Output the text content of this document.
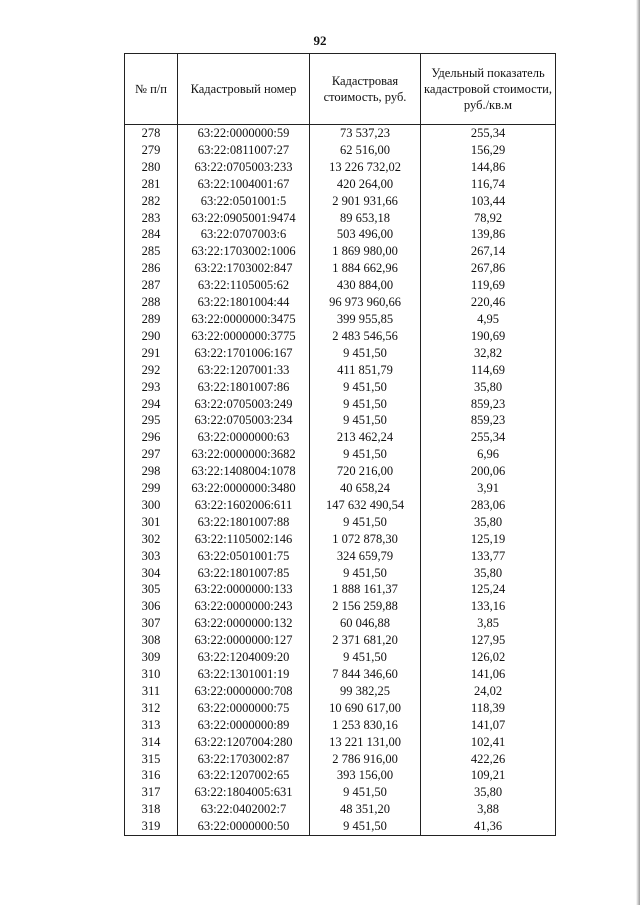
92
№ п/п	Кадастровый номер	Кадастровая стоимость, руб.	Удельный показатель кадастровой стоимости, руб./кв.м
278	63:22:0000000:59	73 537,23	255,34
279	63:22:0811007:27	62 516,00	156,29
280	63:22:0705003:233	13 226 732,02	144,86
281	63:22:1004001:67	420 264,00	116,74
282	63:22:0501001:5	2 901 931,66	103,44
283	63:22:0905001:9474	89 653,18	78,92
284	63:22:0707003:6	503 496,00	139,86
285	63:22:1703002:1006	1 869 980,00	267,14
286	63:22:1703002:847	1 884 662,96	267,86
287	63:22:1105005:62	430 884,00	119,69
288	63:22:1801004:44	96 973 960,66	220,46
289	63:22:0000000:3475	399 955,85	4,95
290	63:22:0000000:3775	2 483 546,56	190,69
291	63:22:1701006:167	9 451,50	32,82
292	63:22:1207001:33	411 851,79	114,69
293	63:22:1801007:86	9 451,50	35,80
294	63:22:0705003:249	9 451,50	859,23
295	63:22:0705003:234	9 451,50	859,23
296	63:22:0000000:63	213 462,24	255,34
297	63:22:0000000:3682	9 451,50	6,96
298	63:22:1408004:1078	720 216,00	200,06
299	63:22:0000000:3480	40 658,24	3,91
300	63:22:1602006:611	147 632 490,54	283,06
301	63:22:1801007:88	9 451,50	35,80
302	63:22:1105002:146	1 072 878,30	125,19
303	63:22:0501001:75	324 659,79	133,77
304	63:22:1801007:85	9 451,50	35,80
305	63:22:0000000:133	1 888 161,37	125,24
306	63:22:0000000:243	2 156 259,88	133,16
307	63:22:0000000:132	60 046,88	3,85
308	63:22:0000000:127	2 371 681,20	127,95
309	63:22:1204009:20	9 451,50	126,02
310	63:22:1301001:19	7 844 346,60	141,06
311	63:22:0000000:708	99 382,25	24,02
312	63:22:0000000:75	10 690 617,00	118,39
313	63:22:0000000:89	1 253 830,16	141,07
314	63:22:1207004:280	13 221 131,00	102,41
315	63:22:1703002:87	2 786 916,00	422,26
316	63:22:1207002:65	393 156,00	109,21
317	63:22:1804005:631	9 451,50	35,80
318	63:22:0402002:7	48 351,20	3,88
319	63:22:0000000:50	9 451,50	41,36
